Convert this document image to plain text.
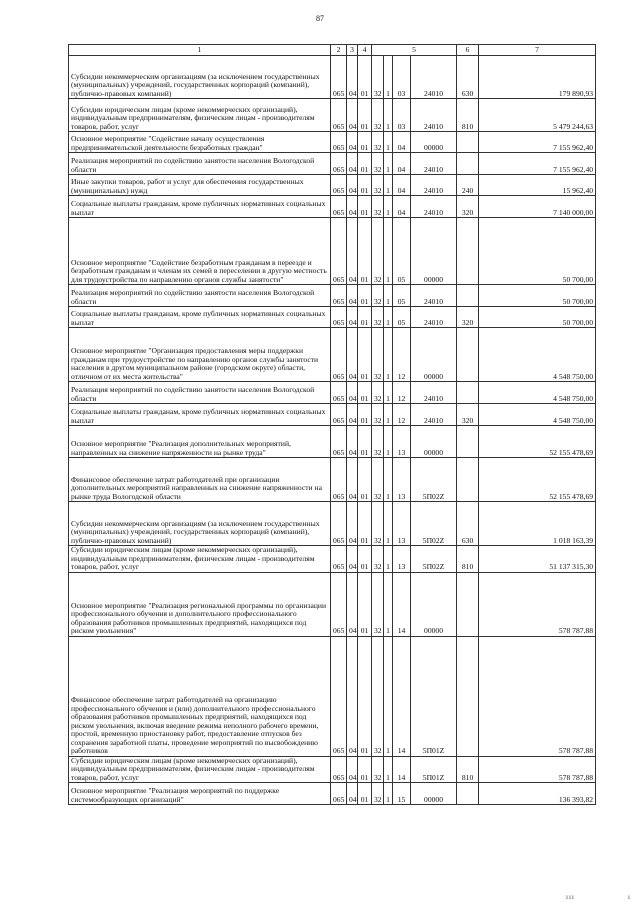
87
1	2	3	4	5				6	7
Субсидии некоммерческим организациям (за исключением государственных (муниципальных) учреждений, государственных корпораций (компаний), публично-правовых компаний)	065	04	01	32	1	03	24010	630	179 890,93
Субсидии юридическим лицам (кроме некоммерческих организаций), индивидуальным предпринимателям, физическим лицам - производителям товаров, работ, услуг	065	04	01	32	1	03	24010	810	5 479 244,63
Основное мероприятие "Содействие началу осуществления предпринимательской деятельности безработных граждан"	065	04	01	32	1	04	00000		7 155 962,40
Реализация мероприятий по содействию занятости населения Вологодской области	065	04	01	32	1	04	24010		7 155 962,40
Иные закупки товаров, работ и услуг для обеспечения государственных (муниципальных) нужд	065	04	01	32	1	04	24010	240	15 962,40
Социальные выплаты гражданам, кроме публичных нормативных социальных выплат	065	04	01	32	1	04	24010	320	7 140 000,00
Основное мероприятие "Содействие безработным гражданам в переезде и безработным гражданам и членам их семей в переселении в другую местность для трудоустройства по направлению органов службы занятости"	065	04	01	32	1	05	00000		50 700,00
Реализация мероприятий по содействию занятости населения Вологодской области	065	04	01	32	1	05	24010		50 700,00
Социальные выплаты гражданам, кроме публичных нормативных социальных выплат	065	04	01	32	1	05	24010	320	50 700,00
Основное мероприятие "Организация предоставления меры поддержки гражданам при трудоустройстве по направлению органов службы занятости населения в другом муниципальном районе (городском округе) области, отличном от их места жительства"	065	04	01	32	1	12	00000		4 548 750,00
Реализация мероприятий по содействию занятости населения Вологодской области	065	04	01	32	1	12	24010		4 548 750,00
Социальные выплаты гражданам, кроме публичных нормативных социальных выплат	065	04	01	32	1	12	24010	320	4 548 750,00
Основное мероприятие "Реализация дополнительных мероприятий, направленных на снижение напряженности на рынке труда"	065	04	01	32	1	13	00000		52 155 478,69
Финансовое обеспечение затрат работодателей при организации дополнительных мероприятий направленных на снижение напряженности на рынке труда Вологодской области	065	04	01	32	1	13	5П02Z		52 155 478,69
Субсидии некоммерческим организациям (за исключением государственных (муниципальных) учреждений, государственных корпораций (компаний), публично-правовых компаний)	065	04	01	32	1	13	5П02Z	630	1 018 163,39
Субсидии юридическим лицам (кроме некоммерческих организаций), индивидуальным предпринимателям, физическим лицам - производителям товаров, работ, услуг	065	04	01	32	1	13	5П02Z	810	51 137 315,30
Основное мероприятие "Реализация региональной программы по организации профессионального обучения и дополнительного профессионального образования работников промышленных предприятий, находящихся под риском увольнения"	065	04	01	32	1	14	00000		578 787,88
Финансовое обеспечение затрат работодателей на организацию профессионального обучения и (или) дополнительного профессионального образования работников промышленных предприятий, находящихся под риском увольнения, включая введение режима неполного рабочего времени, простой, временную приостановку работ, предоставление отпусков без сохранения заработной платы, проведение мероприятий по высвобождению работников	065	04	01	32	1	14	5П01Z		578 787,88
Субсидии юридическим лицам (кроме некоммерческих организаций), индивидуальным предпринимателям, физическим лицам - производителям товаров, работ, услуг	065	04	01	32	1	14	5П01Z	810	578 787,88
Основное мероприятие "Реализация мероприятий по поддержке системообразующих организаций"	065	04	01	32	1	15	00000		136 393,82
ııı	ı
